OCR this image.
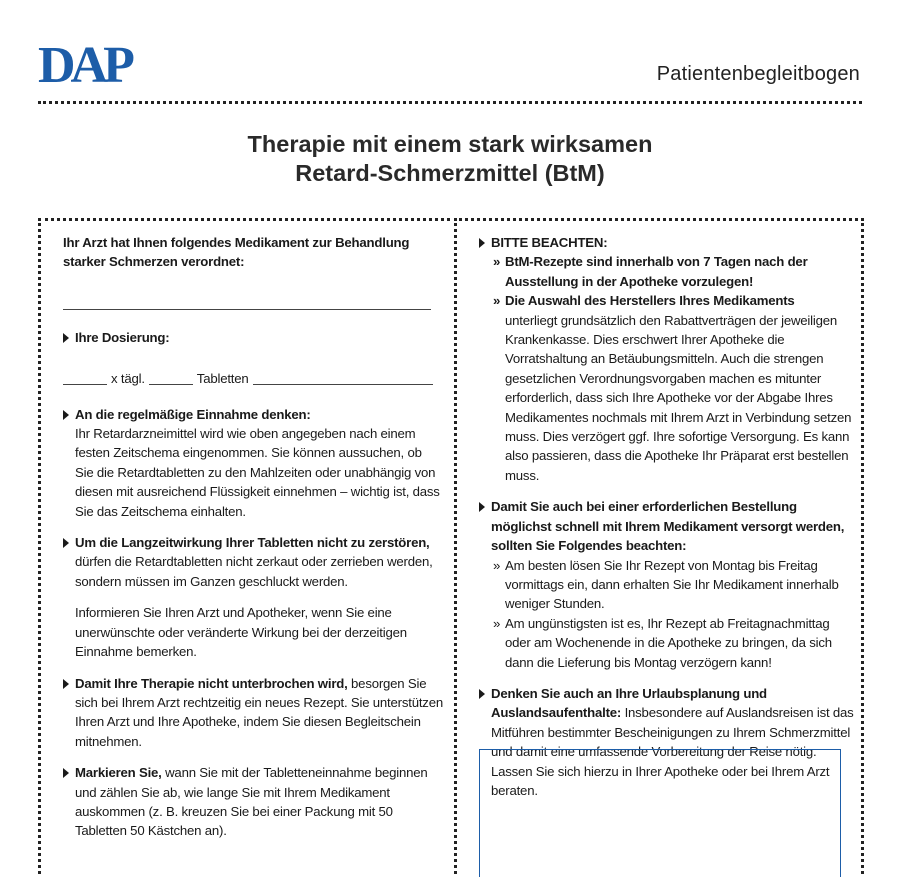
DAP	Patientenbegleitbogen
Therapie mit einem stark wirksamen
Retard-Schmerzmittel (BtM)
Ihr Arzt hat Ihnen folgendes Medikament zur Behandlung starker Schmerzen verordnet:
Ihre Dosierung:
x tägl.	Tabletten
An die regelmäßige Einnahme denken:
Ihr Retardarzneimittel wird wie oben angegeben nach einem festen Zeitschema eingenommen. Sie können aussuchen, ob Sie die Retardtabletten zu den Mahlzeiten oder unabhängig von diesen mit ausreichend Flüssigkeit einnehmen – wichtig ist, dass Sie das Zeitschema einhalten.
Um die Langzeitwirkung Ihrer Tabletten nicht zu zerstören, dürfen die Retardtabletten nicht zerkaut oder zerrieben werden, sondern müssen im Ganzen geschluckt werden.
Informieren Sie Ihren Arzt und Apotheker, wenn Sie eine unerwünschte oder veränderte Wirkung bei der derzeitigen Einnahme bemerken.
Damit Ihre Therapie nicht unterbrochen wird, besorgen Sie sich bei Ihrem Arzt rechtzeitig ein neues Rezept. Sie unterstützen Ihren Arzt und Ihre Apotheke, indem Sie diesen Begleitschein mitnehmen.
Markieren Sie, wann Sie mit der Tabletteneinnahme beginnen und zählen Sie ab, wie lange Sie mit Ihrem Medikament auskommen (z. B. kreuzen Sie bei einer Packung mit 50 Tabletten 50 Kästchen an).
BITTE BEACHTEN:
» BtM-Rezepte sind innerhalb von 7 Tagen nach der Ausstellung in der Apotheke vorzulegen!
» Die Auswahl des Herstellers Ihres Medikaments
unterliegt grundsätzlich den Rabattverträgen der jeweiligen Krankenkasse. Dies erschwert Ihrer Apotheke die Vorratshaltung an Betäubungsmitteln. Auch die strengen gesetzlichen Verordnungsvorgaben machen es mitunter erforderlich, dass sich Ihre Apotheke vor der Abgabe Ihres Medikamentes nochmals mit Ihrem Arzt in Verbindung setzen muss. Dies verzögert ggf. Ihre sofortige Versorgung. Es kann also passieren, dass die Apotheke Ihr Präparat erst bestellen muss.
Damit Sie auch bei einer erforderlichen Bestellung möglichst schnell mit Ihrem Medikament versorgt werden, sollten Sie Folgendes beachten:
» Am besten lösen Sie Ihr Rezept von Montag bis Freitag vormittags ein, dann erhalten Sie Ihr Medikament innerhalb weniger Stunden.
» Am ungünstigsten ist es, Ihr Rezept ab Freitagnachmittag oder am Wochenende in die Apotheke zu bringen, da sich dann die Lieferung bis Montag verzögern kann!
Denken Sie auch an Ihre Urlaubsplanung und Auslandsaufenthalte: Insbesondere auf Auslandsreisen ist das Mitführen bestimmter Bescheinigungen zu Ihrem Schmerzmittel und damit eine umfassende Vorbereitung der Reise nötig. Lassen Sie sich hierzu in Ihrer Apotheke oder bei Ihrem Arzt beraten.
